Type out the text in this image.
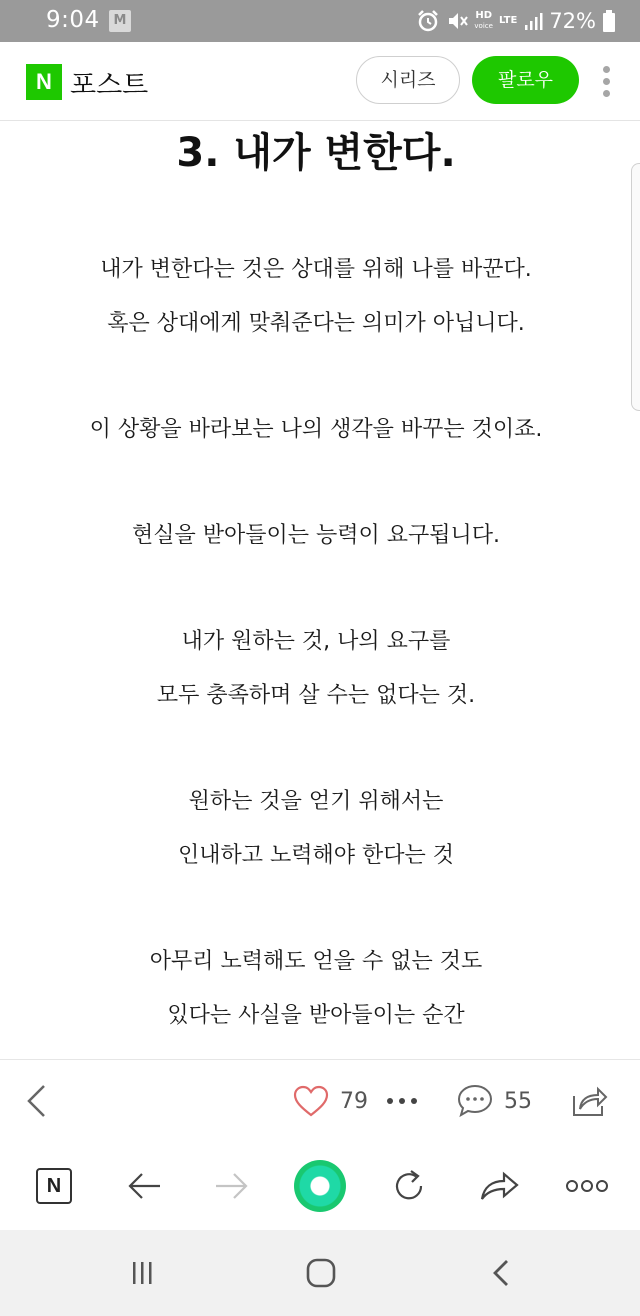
9:04	M	HD
voice LTE 72%
N 포스트	시리즈	팔로우
3. 내가 변한다.
내가 변한다는 것은 상대를 위해 나를 바꾼다.
혹은 상대에게 맞춰준다는 의미가 아닙니다.
이 상황을 바라보는 나의 생각을 바꾸는 것이죠.
현실을 받아들이는 능력이 요구됩니다.
내가 원하는 것, 나의 요구를
모두 충족하며 살 수는 없다는 것.
원하는 것을 얻기 위해서는
인내하고 노력해야 한다는 것
아무리 노력해도 얻을 수 없는 것도
있다는 사실을 받아들이는 순간
79	55
N
